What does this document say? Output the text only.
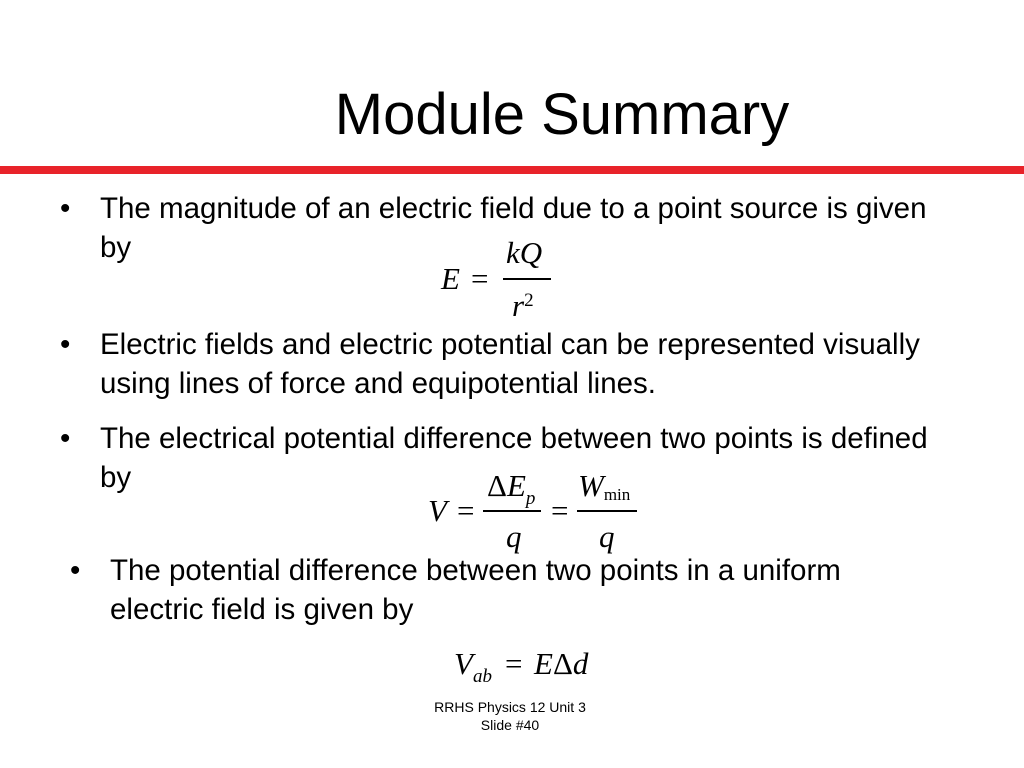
Module Summary
• The magnitude of an electric field due to a point source is given by
E =
kQ
$r^2$
• Electric fields and electric potential can be represented visually using lines of force and equipotential lines.
• The electrical potential difference between two points is defined by
V =
$\Delta E_p$
q
=
Wmin
q
• The potential difference between two points in a uniform electric field is given by
$V_{ab} = E\Delta d$
RRHS Physics 12 Unit 3
Slide #40
